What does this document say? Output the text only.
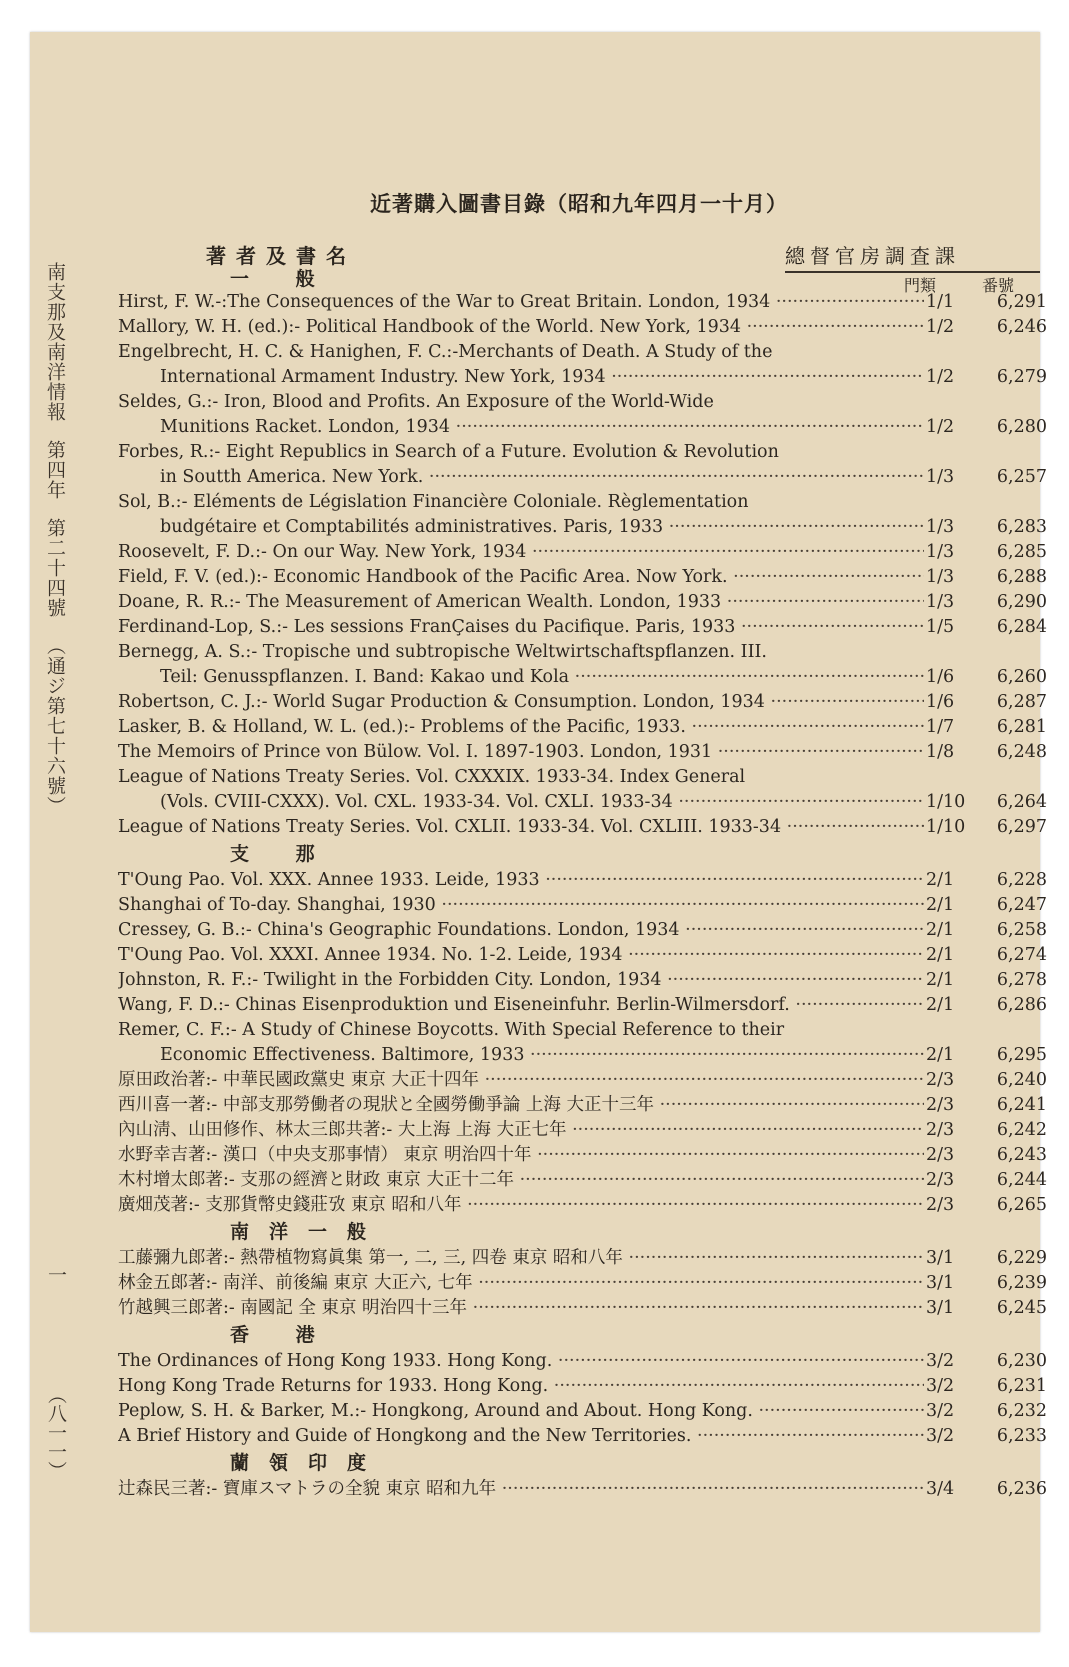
南支那及南洋情報
第四年
第二十四號
（通ジ第七十六號）
一
（八一一）
近著購入圖書目錄（昭和九年四月一十月）
著者及書名	總督官房調査課
門類	番號
一 般
Hirst, F. W.-:The Consequences of the War to Great Britain. London, 1934 ·····	1/1	6,291
Mallory, W. H. (ed.):- Political Handbook of the World. New York, 1934 ·····	1/2	6,246
Engelbrecht, H. C. & Hanighen, F. C.:-Merchants of Death. A Study of the
International Armament Industry. New York, 1934 ·····	1/2	6,279
Seldes, G.:- Iron, Blood and Profits. An Exposure of the World-Wide
Munitions Racket. London, 1934 ·····	1/2	6,280
Forbes, R.:- Eight Republics in Search of a Future. Evolution & Revolution
in Soutth America. New York. ·····	1/3	6,257
Sol, B.:- Eléments de Législation Financière Coloniale. Règlementation
budgétaire et Comptabilités administratives. Paris, 1933 ·····	1/3	6,283
Roosevelt, F. D.:- On our Way. New York, 1934 ·····	1/3	6,285
Field, F. V. (ed.):- Economic Handbook of the Pacific Area. Now York. ·····	1/3	6,288
Doane, R. R.:- The Measurement of American Wealth. London, 1933 ·····	1/3	6,290
Ferdinand-Lop, S.:- Les sessions FranÇaises du Pacifique. Paris, 1933 ·····	1/5	6,284
Bernegg, A. S.:- Tropische und subtropische Weltwirtschaftspflanzen. III.
Teil: Genusspflanzen. I. Band: Kakao und Kola ·····	1/6	6,260
Robertson, C. J.:- World Sugar Production & Consumption. London, 1934 ·····	1/6	6,287
Lasker, B. & Holland, W. L. (ed.):- Problems of the Pacific, 1933. ·····	1/7	6,281
The Memoirs of Prince von Bülow. Vol. I. 1897-1903. London, 1931 ·····	1/8	6,248
League of Nations Treaty Series. Vol. CXXXIX. 1933-34. Index General
(Vols. CVIII-CXXX). Vol. CXL. 1933-34. Vol. CXLI. 1933-34 ·····	1/10	6,264
League of Nations Treaty Series. Vol. CXLII. 1933-34. Vol. CXLIII. 1933-34 ·····	1/10	6,297
支 那
T'Oung Pao. Vol. XXX. Annee 1933. Leide, 1933 ·····	2/1	6,228
Shanghai of To-day. Shanghai, 1930 ·····	2/1	6,247
Cressey, G. B.:- China's Geographic Foundations. London, 1934 ·····	2/1	6,258
T'Oung Pao. Vol. XXXI. Annee 1934. No. 1-2. Leide, 1934 ·····	2/1	6,274
Johnston, R. F.:- Twilight in the Forbidden City. London, 1934 ·····	2/1	6,278
Wang, F. D.:- Chinas Eisenproduktion und Eiseneinfuhr. Berlin-Wilmersdorf. ·····	2/1	6,286
Remer, C. F.:- A Study of Chinese Boycotts. With Special Reference to their
Economic Effectiveness. Baltimore, 1933 ·····	2/1	6,295
原田政治著:- 中華民國政黨史 東京 大正十四年 ·····	2/3	6,240
西川喜一著:- 中部支那勞働者の現狀と全國勞働爭論 上海 大正十三年 ·····	2/3	6,241
內山淸、山田修作、林太三郎共著:- 大上海 上海 大正七年 ·····	2/3	6,242
水野幸吉著:- 漢口（中央支那事情） 東京 明治四十年 ·····	2/3	6,243
木村增太郎著:- 支那の經濟と財政 東京 大正十二年 ·····	2/3	6,244
廣畑茂著:- 支那貨幣史錢莊攷 東京 昭和八年 ·····	2/3	6,265
南洋一般
工藤彌九郎著:- 熱帶植物寫眞集 第一, 二, 三, 四卷 東京 昭和八年 ·····	3/1	6,229
林金五郎著:- 南洋、前後編 東京 大正六, 七年 ·····	3/1	6,239
竹越興三郎著:- 南國記 全 東京 明治四十三年 ·····	3/1	6,245
香 港
The Ordinances of Hong Kong 1933. Hong Kong. ·····	3/2	6,230
Hong Kong Trade Returns for 1933. Hong Kong. ·····	3/2	6,231
Peplow, S. H. & Barker, M.:- Hongkong, Around and About. Hong Kong. ·····	3/2	6,232
A Brief History and Guide of Hongkong and the New Territories. ·····	3/2	6,233
蘭領印度
辻森民三著:- 寶庫スマトラの全貌 東京 昭和九年 ·····	3/4	6,236
